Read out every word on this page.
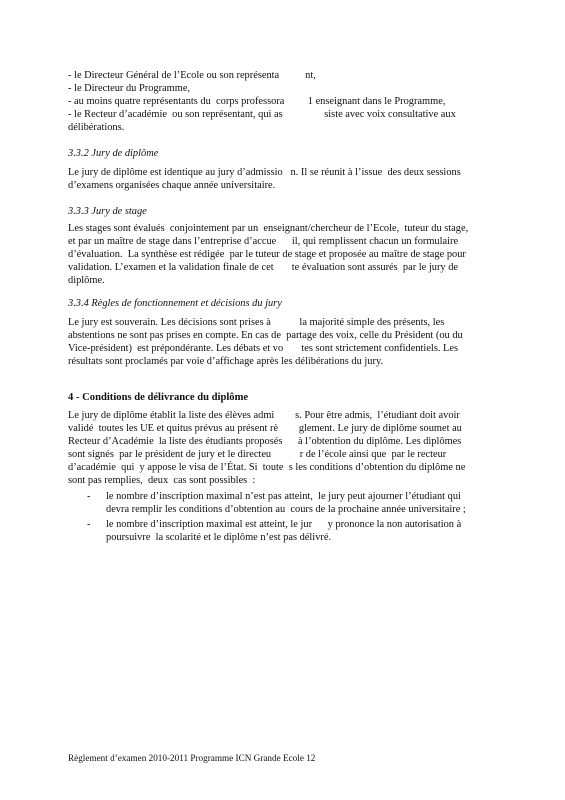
- le Directeur Général de l’Ecole ou son représenta          nt,
- le Directeur du Programme,
- au moins quatre représentants du  corps professora         1 enseignant dans le Programme,
- le Recteur d’académie  ou son représentant, qui as                siste avec voix consultative aux
délibérations.
3.3.2 Jury de diplôme
Le jury de diplôme est identique au jury d’admissio   n. Il se réunit à l’issue  des deux sessions
d’examens organisées chaque année universitaire.
3.3.3 Jury de stage
Les stages sont évalués  conjointement par un  enseignant/chercheur de l’Ecole,  tuteur du stage,
et par un maître de stage dans l’entreprise d’accue      il, qui remplissent chacun un formulaire
d’évaluation.  La synthèse est rédigée  par le tuteur de stage et proposée au maître de stage pour
validation. L’examen et la validation finale de cet       te évaluation sont assurés  par le jury de
diplôme.
3.3.4 Règles de fonctionnement et décisions du jury
Le jury est souverain. Les décisions sont prises à           la majorité simple des présents, les
abstentions ne sont pas prises en compte. En cas de  partage des voix, celle du Président (ou du
Vice-président)  est prépondérante. Les débats et vo       tes sont strictement confidentiels. Les
résultats sont proclamés par voie d’affichage après les délibérations du jury.
4 - Conditions de délivrance du diplôme
Le jury de diplôme établit la liste des élèves admi        s. Pour être admis,  l’étudiant doit avoir
validé  toutes les UE et quitus prévus au présent rè        glement. Le jury de diplôme soumet au
Recteur d’Académie  la liste des étudiants proposés      à l’obtention du diplôme. Les diplômes
sont signés  par le président de jury et le directeu           r de l’école ainsi que  par le recteur
d’académie  qui  y appose le visa de l’État. Si  toute  s les conditions d’obtention du diplôme ne
sont pas remplies,  deux  cas sont possibles  :
- le nombre d’inscription maximal n’est pas atteint,  le jury peut ajourner l’étudiant qui
devra remplir les conditions d’obtention au  cours de la prochaine année universitaire ;
- le nombre d’inscription maximal est atteint, le jur      y prononce la non autorisation à
poursuivre  la scolarité et le diplôme n’est pas délivré.
Règlement d’examen 2010-2011 Programme ICN Grande Ecole 12
